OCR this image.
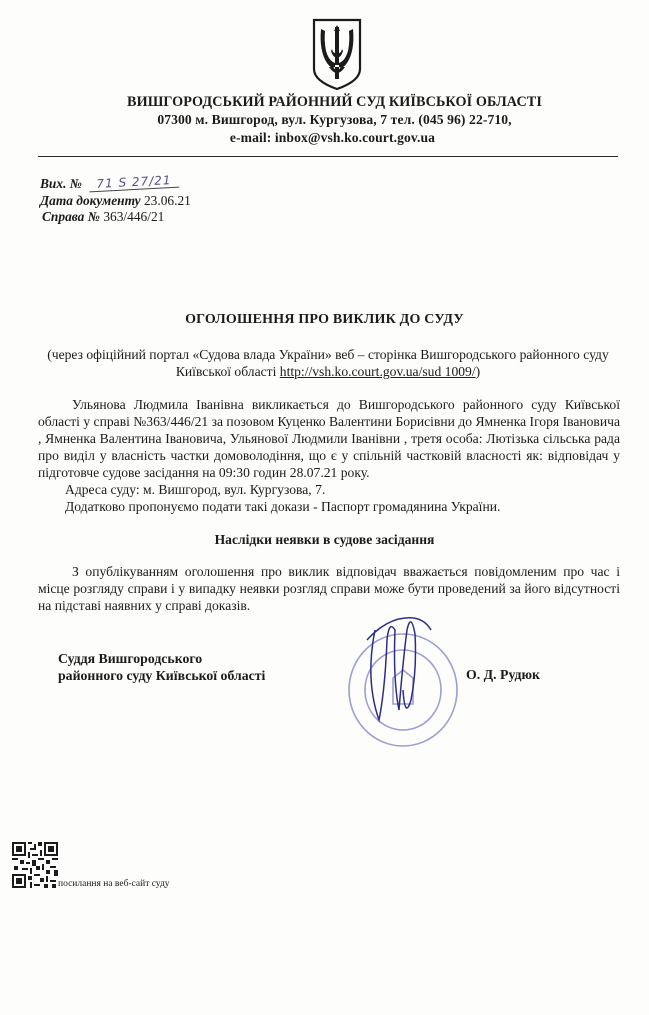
ВИШГОРОДСЬКИЙ РАЙОННИЙ СУД КИЇВСЬКОЇ ОБЛАСТІ
07300 м. Вишгород, вул. Кургузова, 7 тел. (045 96) 22-710,
e-mail: inbox@vsh.ko.court.gov.ua
Вих. № 71 S 27/21
Дата документу 23.06.21
Справа № 363/446/21
ОГОЛОШЕННЯ ПРО ВИКЛИК ДО СУДУ
(через офіційний портал «Судова влада України» веб – сторінка Вишгородського районного суду
Київської області http://vsh.ko.court.gov.ua/sud 1009/)
Ульянова Людмила Іванівна викликається до Вишгородського районного суду Київської області у справі №363/446/21 за позовом Куценко Валентини Борисівни до Ямненка Ігоря Івановича , Ямненка Валентина Івановича, Ульянової Людмили Іванівни , третя особа: Лютізька сільська рада про виділ у власність частки домоволодіння, що є у спільній частковій власності як: відповідач у підготовче судове засідання на 09:30 годин 28.07.21 року.
Адреса суду: м. Вишгород, вул. Кургузова, 7.
Додатково пропонуємо подати такі докази - Паспорт громадянина України.
Наслідки неявки в судове засідання
З опублікуванням оголошення про виклик відповідач вважається повідомленим про час і місце розгляду справи і у випадку неявки розгляд справи може бути проведений за його відсутності на підставі наявних у справі доказів.
Суддя Вишгородського
районного суду Київської області	О. Д. Рудюк
посилання на веб-сайт суду
